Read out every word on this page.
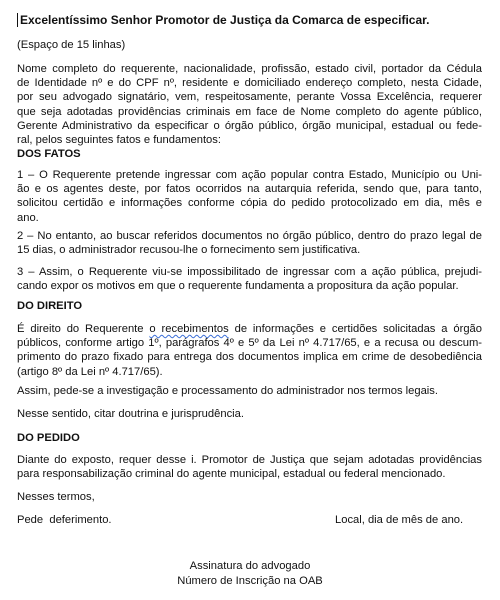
Excelentíssimo Senhor Promotor de Justiça da Comarca de especificar.

(Espaço de 15 linhas)

Nome completo do requerente, nacionalidade, profissão, estado civil, portador da Cédula
de Identidade nº e do CPF nº, residente e domiciliado endereço completo, nesta Cidade,
por seu advogado signatário, vem, respeitosamente, perante Vossa Excelência, requerer
que seja adotadas providências criminais em face de Nome completo do agente público,
Gerente Administrativo da especificar o órgão público, órgão municipal, estadual ou fede-
ral, pelos seguintes fatos e fundamentos:

DOS FATOS

1 – O Requerente pretende ingressar com ação popular contra Estado, Município ou Uni-
ão e os agentes deste, por fatos ocorridos na autarquia referida, sendo que, para tanto,
solicitou certidão e informações conforme cópia do pedido protocolizado em dia, mês e
ano.

2 – No entanto, ao buscar referidos documentos no órgão público, dentro do prazo legal de
15 dias, o administrador recusou-lhe o fornecimento sem justificativa.

3 – Assim, o Requerente viu-se impossibilitado de ingressar com a ação pública, prejudi-
cando expor os motivos em que o requerente fundamenta a propositura da ação popular.

DO DIREITO

É direito do Requerente o recebimentos de informações e certidões solicitadas a órgão
públicos, conforme artigo 1º, parágrafos 4º e 5º da Lei nº 4.717/65, e a recusa ou descum-
primento do prazo fixado para entrega dos documentos implica em crime de desobediência
(artigo 8º da Lei nº 4.717/65).

Assim, pede-se a investigação e processamento do administrador nos termos legais.

Nesse sentido, citar doutrina e jurisprudência.

DO PEDIDO

Diante do exposto, requer desse i. Promotor de Justiça que sejam adotadas providências
para responsabilização criminal do agente municipal, estadual ou federal mencionado.

Nesses termos,

Pede  deferimento.	Local, dia de mês de ano.
Assinatura do advogado
Número de Inscrição na OAB
